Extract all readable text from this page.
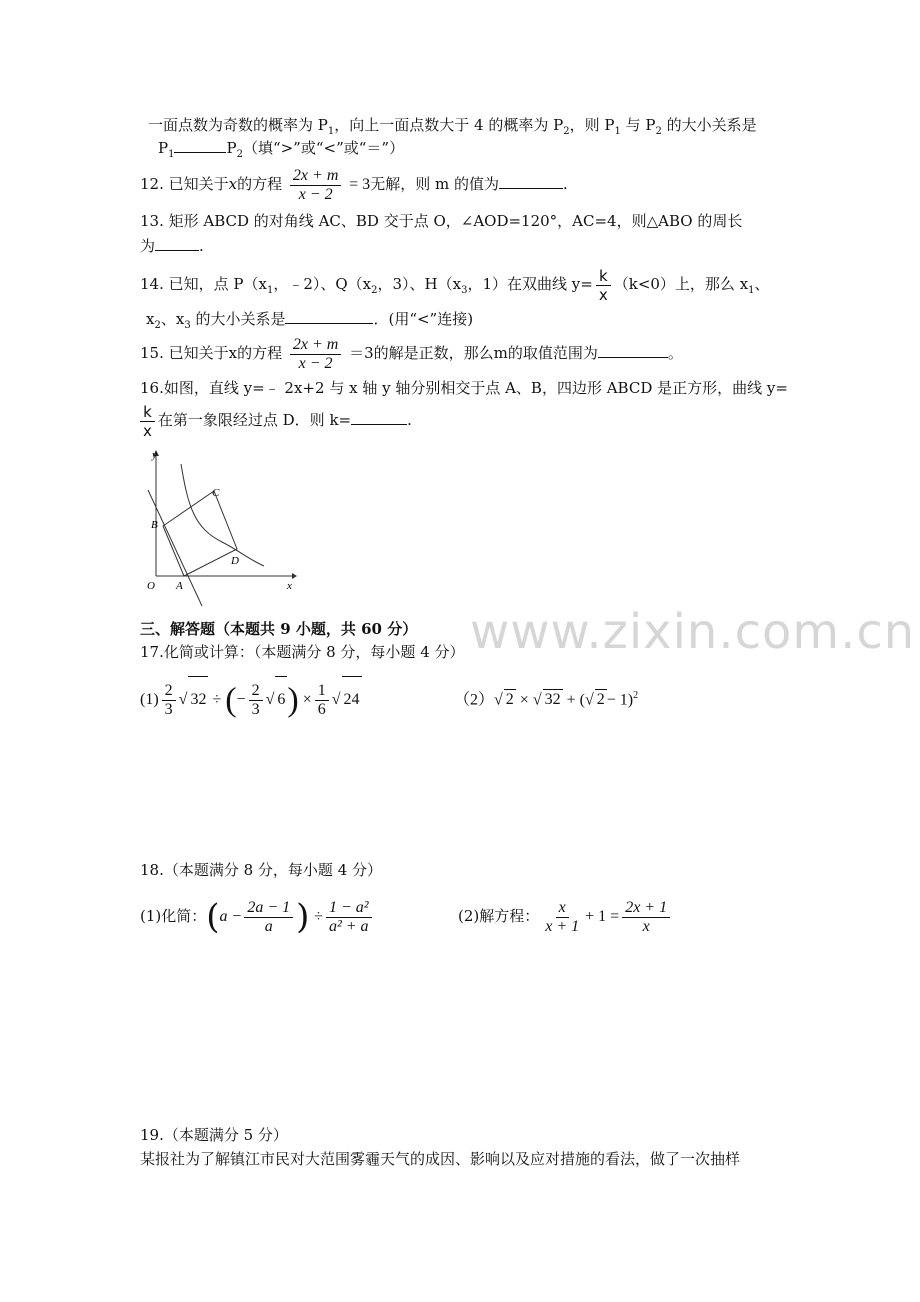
www.zixin.com.cn
一面点数为奇数的概率为 $P_1$，向上一面点数大于 4 的概率为 $P_2$，则 $P_1$ 与 $P_2$ 的大小关系是
$P_1$	$P_2$（填“>”或“<”或“＝”）
12. 已知关于x的方程 $\frac{2x + m}{x - 2} = 3$无解，则 m 的值为	.
13. 矩形 ABCD 的对角线 AC、BD 交于点 O，∠AOD=120°，AC=4，则△ABO 的周长
为	.
14. 已知，点 $P(x_1$，﹣2）、$Q(x_2$，3）、$H(x_3$，1）在双曲线 $y= \frac{k}{x} (k<0)$上，那么 $x_1$、
$x_2$、$x_3$ 的大小关系是	．(用“<”连接)
15. 已知关于x的方程 $\frac{2x + m}{x - 2} =3$的解是正数，那么m的取值范围为	。
16.如图，直线 y=﹣ 2x+2 与 x 轴 y 轴分别相交于点 A、B，四边形 ABCD 是正方形，曲线 y=
$\frac{k}{x}$ 在第一象限经过点 D．则 k=	.
y
x
O A
B
C
D
三、解答题（本题共 9 小题，共 60 分）
17.化简或计算：（本题满分 8 分，每小题 4 分）
$(1) \frac{2}{3}$ √ 32 ÷ (− $\frac{2}{3}$ √ $6) \times \frac{1}{6}$ √ 24	（2）√ 2 × √ 32 + (√ 2 − 1)$^2$
18.（本题满分 8 分，每小题 4 分）
(1)化简：($a - \frac{2a - 1}{a}$ ) ÷ $\frac{\text{1 − a²}}{\text{a² + a}}$	(2)解方程： $\frac{x}{x + 1} + 1 = \frac{2x + 1}{x}$
19.（本题满分 5 分）
某报社为了解镇江市民对大范围雾霾天气的成因、影响以及应对措施的看法，做了一次抽样
